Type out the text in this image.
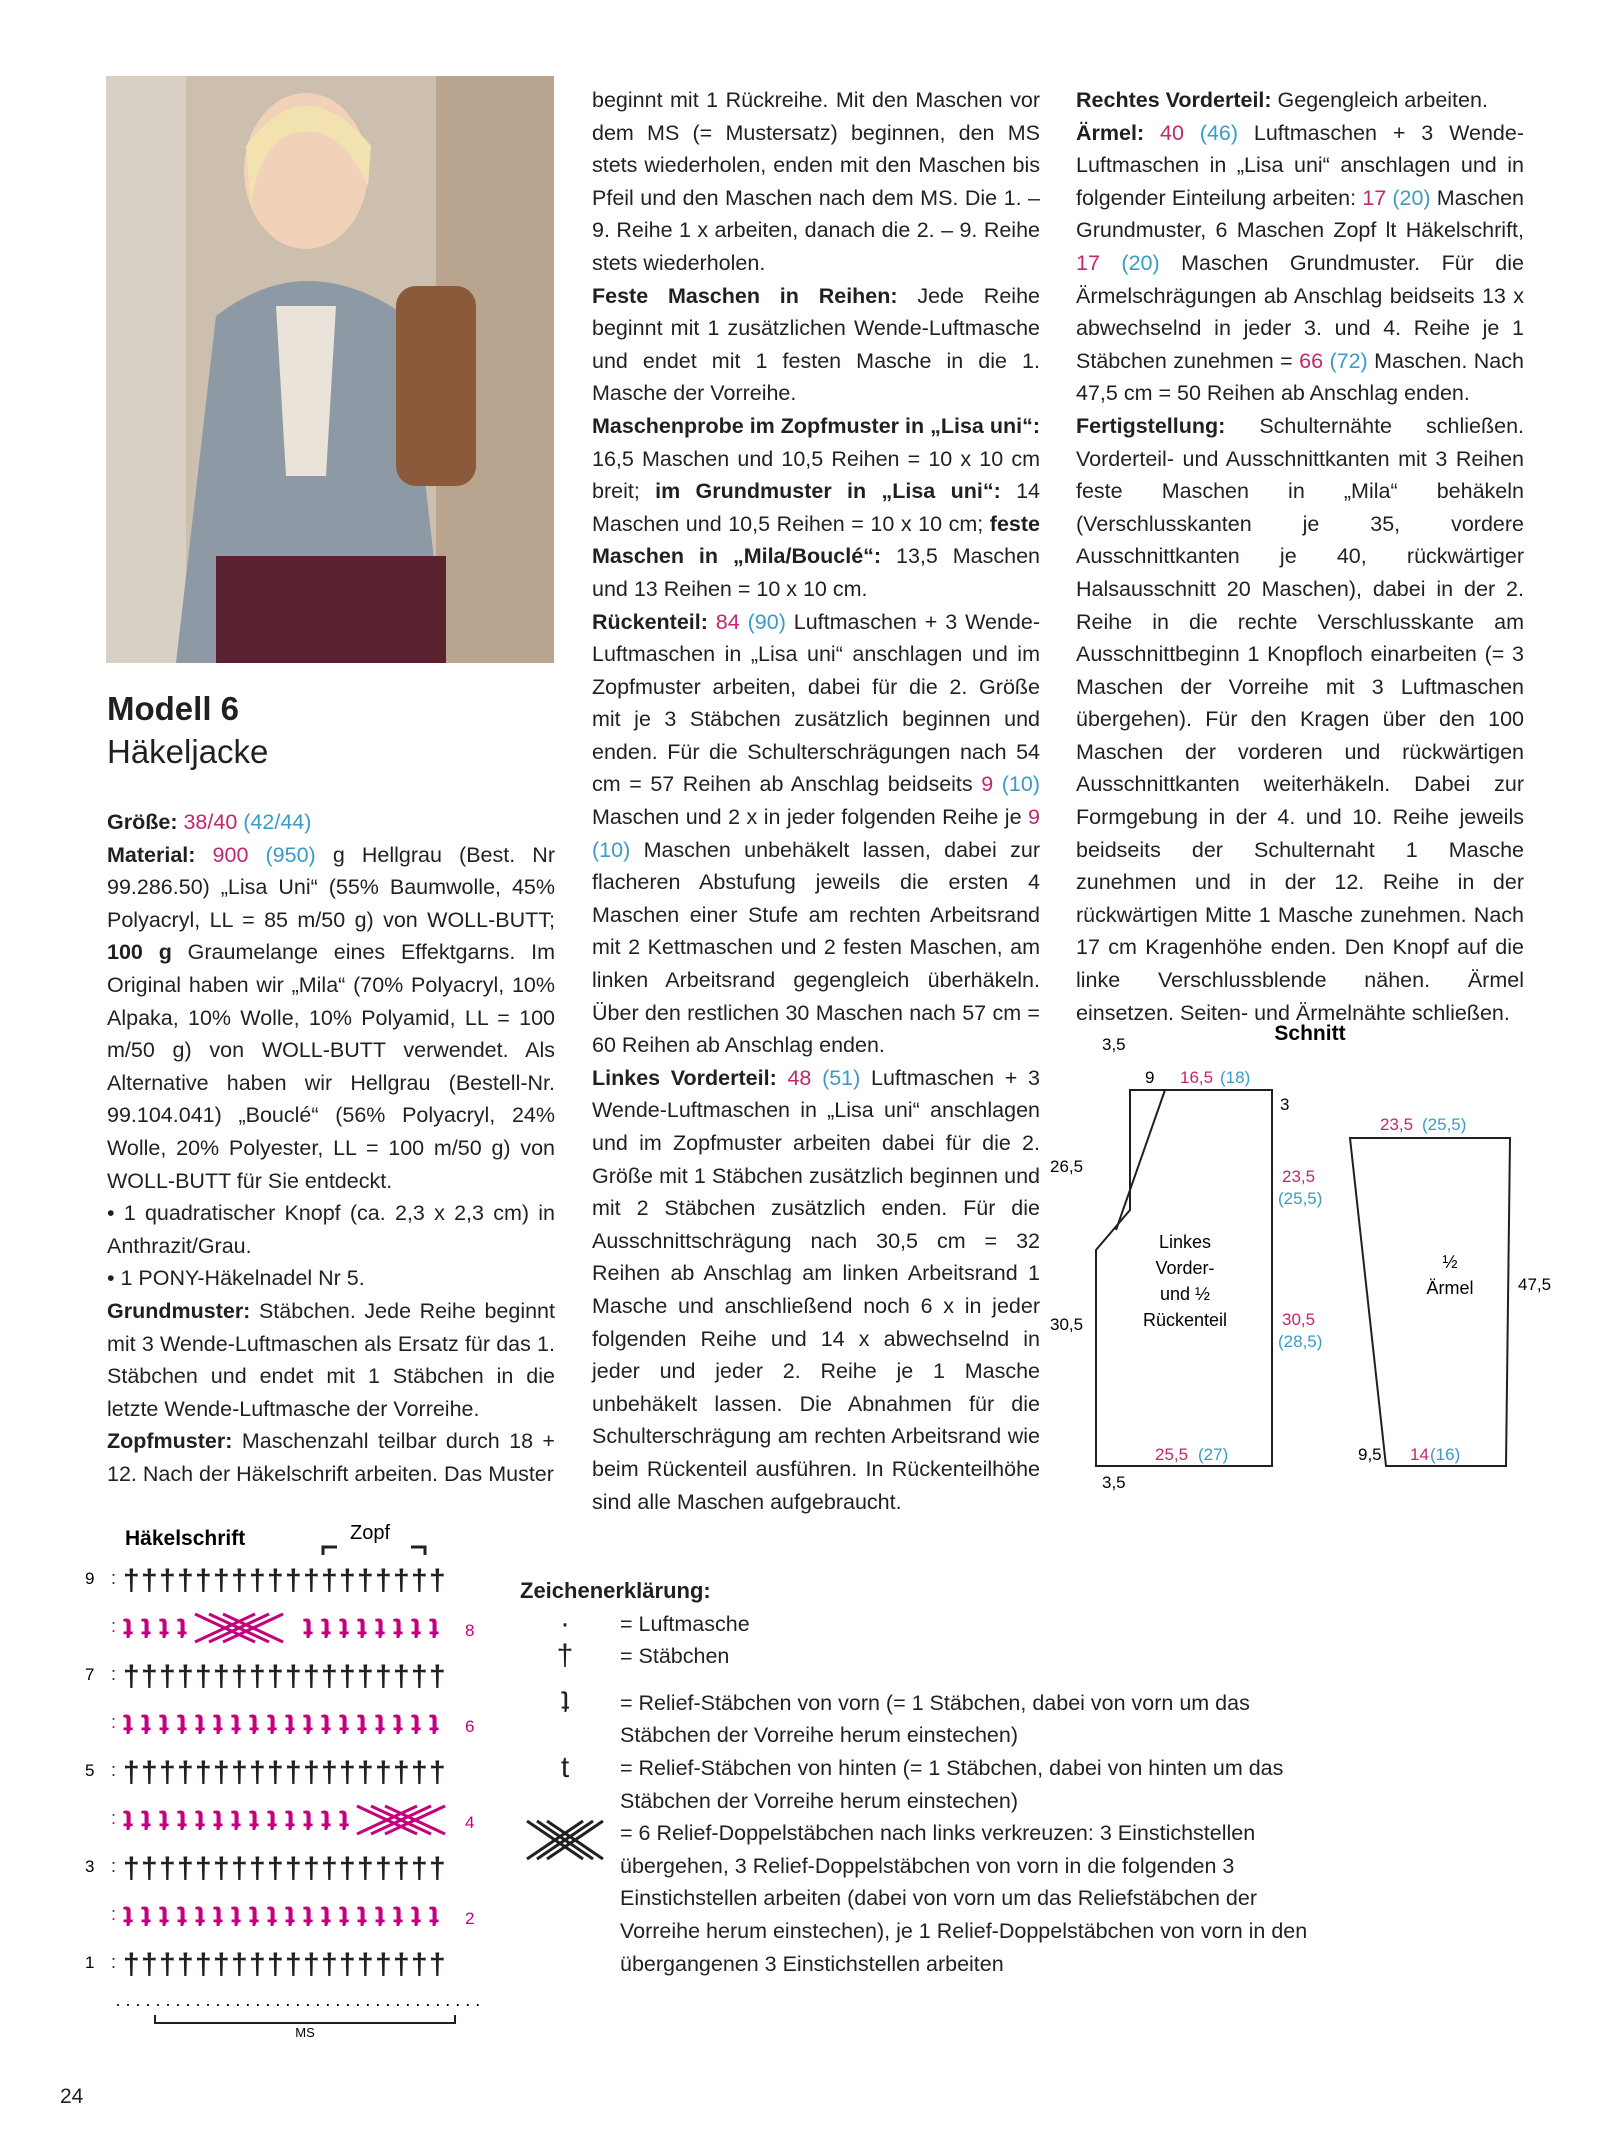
Modell 6
Häkeljacke

Größe: 38/40 (42/44)

Material: 900 (950) g Hellgrau (Best. Nr 99.286.50) „Lisa Uni“ (55% Baumwolle, 45% Polyacryl, LL = 85 m/50 g) von WOLL-BUTT; 100 g Graumelange eines Effektgarns. Im Original haben wir „Mila“ (70% Polyacryl, 10% Alpaka, 10% Wolle, 10% Polyamid, LL = 100 m/50 g) von WOLL-BUTT verwendet. Als Alternative haben wir Hellgrau (Bestell-Nr. 99.104.041) „Bouclé“ (56% Polyacryl, 24% Wolle, 20% Polyester, LL = 100 m/50 g) von WOLL-BUTT für Sie entdeckt.

• 1 quadratischer Knopf (ca. 2,3 x 2,3 cm) in Anthrazit/Grau.

• 1 PONY-Häkelnadel Nr 5.

Grundmuster: Stäbchen. Jede Reihe beginnt mit 3 Wende-Luftmaschen als Ersatz für das 1. Stäbchen und endet mit 1 Stäbchen in die letzte Wende-Luftmasche der Vorreihe.

Zopfmuster: Maschenzahl teilbar durch 18 + 12. Nach der Häkelschrift arbeiten. Das Muster

beginnt mit 1 Rückreihe. Mit den Maschen vor dem MS (= Mustersatz) beginnen, den MS stets wiederholen, enden mit den Maschen bis Pfeil und den Maschen nach dem MS. Die 1. – 9. Reihe 1 x arbeiten, danach die 2. – 9. Reihe stets wiederholen.

Feste Maschen in Reihen: Jede Reihe beginnt mit 1 zusätzlichen Wende-Luftmasche und endet mit 1 festen Masche in die 1. Masche der Vorreihe.

Maschenprobe im Zopfmuster in „Lisa uni“: 16,5 Maschen und 10,5 Reihen = 10 x 10 cm breit; im Grundmuster in „Lisa uni“: 14 Maschen und 10,5 Reihen = 10 x 10 cm; feste Maschen in „Mila/Bouclé“: 13,5 Maschen und 13 Reihen = 10 x 10 cm.

Rückenteil: 84 (90) Luftmaschen + 3 Wende-Luftmaschen in „Lisa uni“ anschlagen und im Zopfmuster arbeiten, dabei für die 2. Größe mit je 3 Stäbchen zusätzlich beginnen und enden. Für die Schulterschrägungen nach 54 cm = 57 Reihen ab Anschlag beidseits 9 (10) Maschen und 2 x in jeder folgenden Reihe je 9 (10) Maschen unbehäkelt lassen, dabei zur flacheren Abstufung jeweils die ersten 4 Maschen einer Stufe am rechten Arbeitsrand mit 2 Kettmaschen und 2 festen Maschen, am linken Arbeitsrand gegengleich überhäkeln. Über den restlichen 30 Maschen nach 57 cm = 60 Reihen ab Anschlag enden.

Linkes Vorderteil: 48 (51) Luftmaschen + 3 Wende-Luftmaschen in „Lisa uni“ anschlagen und im Zopfmuster arbeiten dabei für die 2. Größe mit 1 Stäbchen zusätzlich beginnen und mit 2 Stäbchen zusätzlich enden. Für die Ausschnittschrägung nach 30,5 cm = 32 Reihen ab Anschlag am linken Arbeitsrand 1 Masche und anschließend noch 6 x in jeder folgenden Reihe und 14 x abwechselnd in jeder und jeder 2. Reihe je 1 Masche unbehäkelt lassen. Die Abnahmen für die Schulterschrägung am rechten Arbeitsrand wie beim Rückenteil ausführen. In Rückenteilhöhe sind alle Maschen aufgebraucht.

Rechtes Vorderteil: Gegengleich arbeiten.

Ärmel: 40 (46) Luftmaschen + 3 Wende-Luftmaschen in „Lisa uni“ anschlagen und in folgender Einteilung arbeiten: 17 (20) Maschen Grundmuster, 6 Maschen Zopf lt Häkelschrift, 17 (20) Maschen Grundmuster. Für die Ärmelschrägungen ab Anschlag beidseits 13 x abwechselnd in jeder 3. und 4. Reihe je 1 Stäbchen zunehmen = 66 (72) Maschen. Nach 47,5 cm = 50 Reihen ab Anschlag enden.

Fertigstellung: Schulternähte schließen. Vorderteil- und Ausschnittkanten mit 3 Reihen feste Maschen in „Mila“ behäkeln (Verschlusskanten je 35, vordere Ausschnittkanten je 40, rückwärtiger Halsausschnitt 20 Maschen), dabei in der 2. Reihe in die rechte Verschlusskante am Ausschnittbeginn 1 Knopfloch einarbeiten (= 3 Maschen der Vorreihe mit 3 Luftmaschen übergehen). Für den Kragen über den 100 Maschen der vorderen und rückwärtigen Ausschnittkanten weiterhäkeln. Dabei zur Formgebung in der 4. und 10. Reihe jeweils beidseits der Schulternaht 1 Masche zunehmen und in der 12. Reihe in der rückwärtigen Mitte 1 Masche zunehmen. Nach 17 cm Kragenhöhe enden. Den Knopf auf die linke Verschlussblende nähen. Ärmel einsetzen. Seiten- und Ärmelnähte schließen.

Schnitt
3,5
9 16,5 (18)
3
26,5
23,5
(25,5)
30,5	30,5
(28,5)
25,5 (27)
3,5
Linkes
Vorder-
und ½
Rückenteil
23,5 (25,5)
47,5
9,5 14 (16)
½
Ärmel
Häkelschrift	Zopf
9 : † † † † † † † † † † † † † † † † † †
8
: ʇ ʇ ʇ ʇ	ʇ ʇ ʇ ʇ ʇ ʇ ʇ ʇ
7 : † † † † † † † † † † † † † † † † † †
6
: ʇ ʇ ʇ ʇ ʇ ʇ ʇ ʇ ʇ ʇ ʇ ʇ ʇ ʇ ʇ ʇ ʇ ʇ
5 : † † † † † † † † † † † † † † † † † †
4
: ʇ ʇ ʇ ʇ ʇ ʇ ʇ ʇ ʇ ʇ ʇ ʇ ʇ
3 : † † † † † † † † † † † † † † † † † †
2
: ʇ ʇ ʇ ʇ ʇ ʇ ʇ ʇ ʇ ʇ ʇ ʇ ʇ ʇ ʇ ʇ ʇ ʇ
1 : † † † † † † † † † † † † † † † † † †
·····································
MS
Zeichenerklärung:
·	= Luftmasche
†	= Stäbchen
ʇ	= Relief-Stäbchen von vorn (= 1 Stäbchen, dabei von vorn um das Stäbchen der Vorreihe herum einstechen)
t	= Relief-Stäbchen von hinten (= 1 Stäbchen, dabei von hinten um das Stäbchen der Vorreihe herum einstechen)
= 6 Relief-Doppelstäbchen nach links verkreuzen: 3 Einstichstellen übergehen, 3 Relief-Doppelstäbchen von vorn in die folgenden 3 Einstichstellen arbeiten (dabei von vorn um das Reliefstäbchen der Vorreihe herum einstechen), je 1 Relief-Doppelstäbchen von vorn in den übergangenen 3 Einstichstellen arbeiten
24
